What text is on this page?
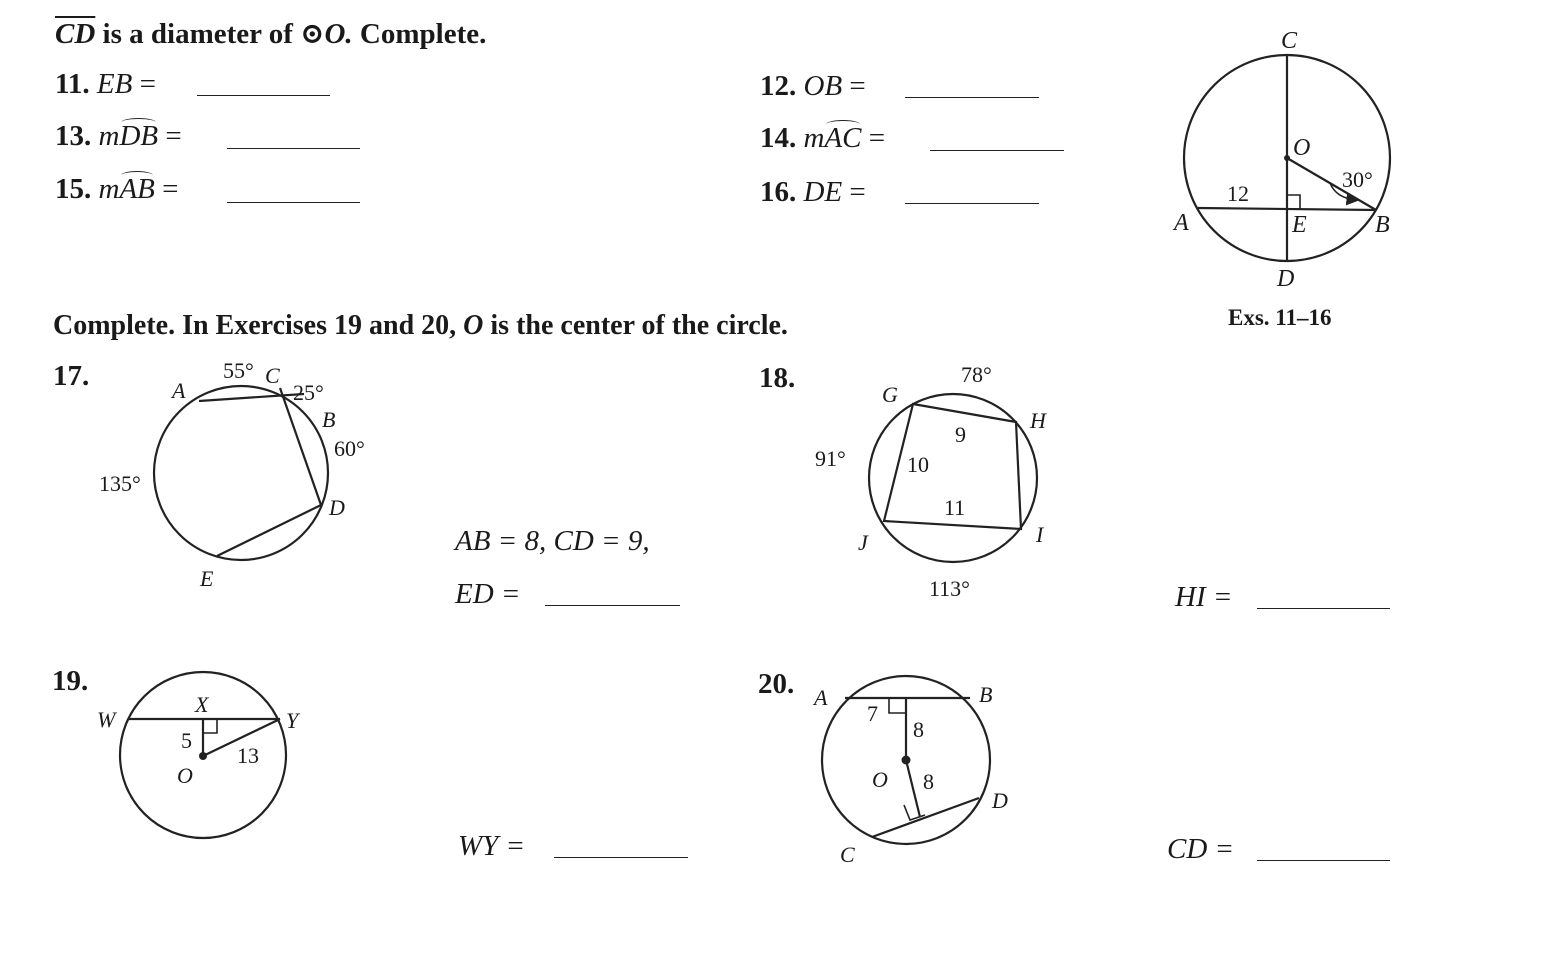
$\overline{CD}$ is a diameter of ⊙O. Complete.
11. EB =	12. OB =
13. mDB =	14. mAC =
15. mAB =	16. DE =
Complete. In Exercises 19 and 20, O is the center of the circle.
17.	18.
19.	20.
AB = 8, CD = 9,
ED =	HI =
WY =	CD =
C
O
A	E	B
D
12
30°
Exs. 11–16
A
C
B
D
E
55°
25°
60°
135°
G
H
I
J
78°
91°
113°
9
10
11
W
X
Y
O
5
13
A	B
C
D
O
7
8
8
